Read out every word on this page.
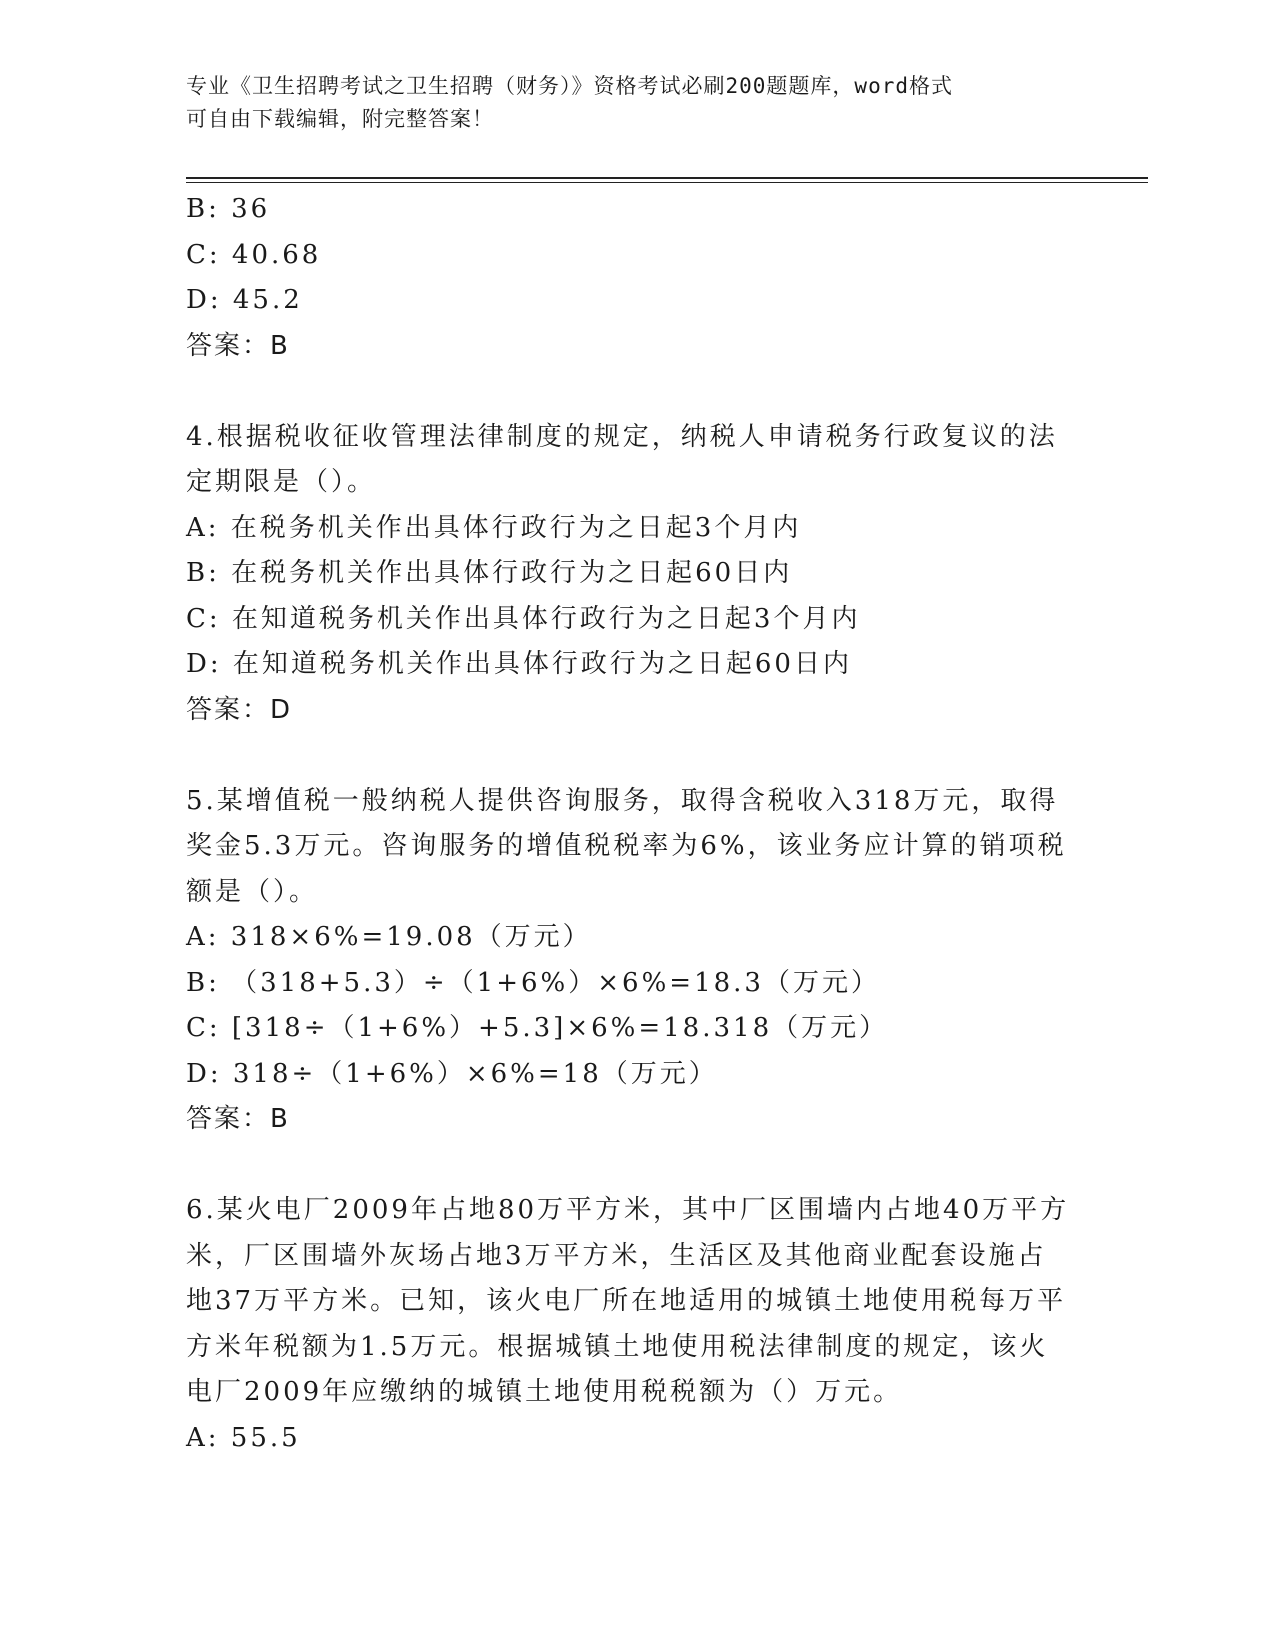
专业《卫生招聘考试之卫生招聘（财务）》资格考试必刷200题题库，word格式
可自由下载编辑，附完整答案！
B: 36
C: 40.68
D: 45.2
答案：B
4.根据税收征收管理法律制度的规定，纳税人申请税务行政复议的法
定期限是（）。
A: 在税务机关作出具体行政行为之日起3个月内
B: 在税务机关作出具体行政行为之日起60日内
C: 在知道税务机关作出具体行政行为之日起3个月内
D: 在知道税务机关作出具体行政行为之日起60日内
答案：D
5.某增值税一般纳税人提供咨询服务，取得含税收入318万元，取得
奖金5.3万元。咨询服务的增值税税率为6%，该业务应计算的销项税
额是（）。
A: 318×6%=19.08（万元）
B: （318+5.3）÷（1+6%）×6%=18.3（万元）
C: [318÷（1+6%）+5.3]×6%=18.318（万元）
D: 318÷（1+6%）×6%=18（万元）
答案：B
6.某火电厂2009年占地80万平方米，其中厂区围墙内占地40万平方
米，厂区围墙外灰场占地3万平方米，生活区及其他商业配套设施占
地37万平方米。已知，该火电厂所在地适用的城镇土地使用税每万平
方米年税额为1.5万元。根据城镇土地使用税法律制度的规定，该火
电厂2009年应缴纳的城镇土地使用税税额为（）万元。
A: 55.5
